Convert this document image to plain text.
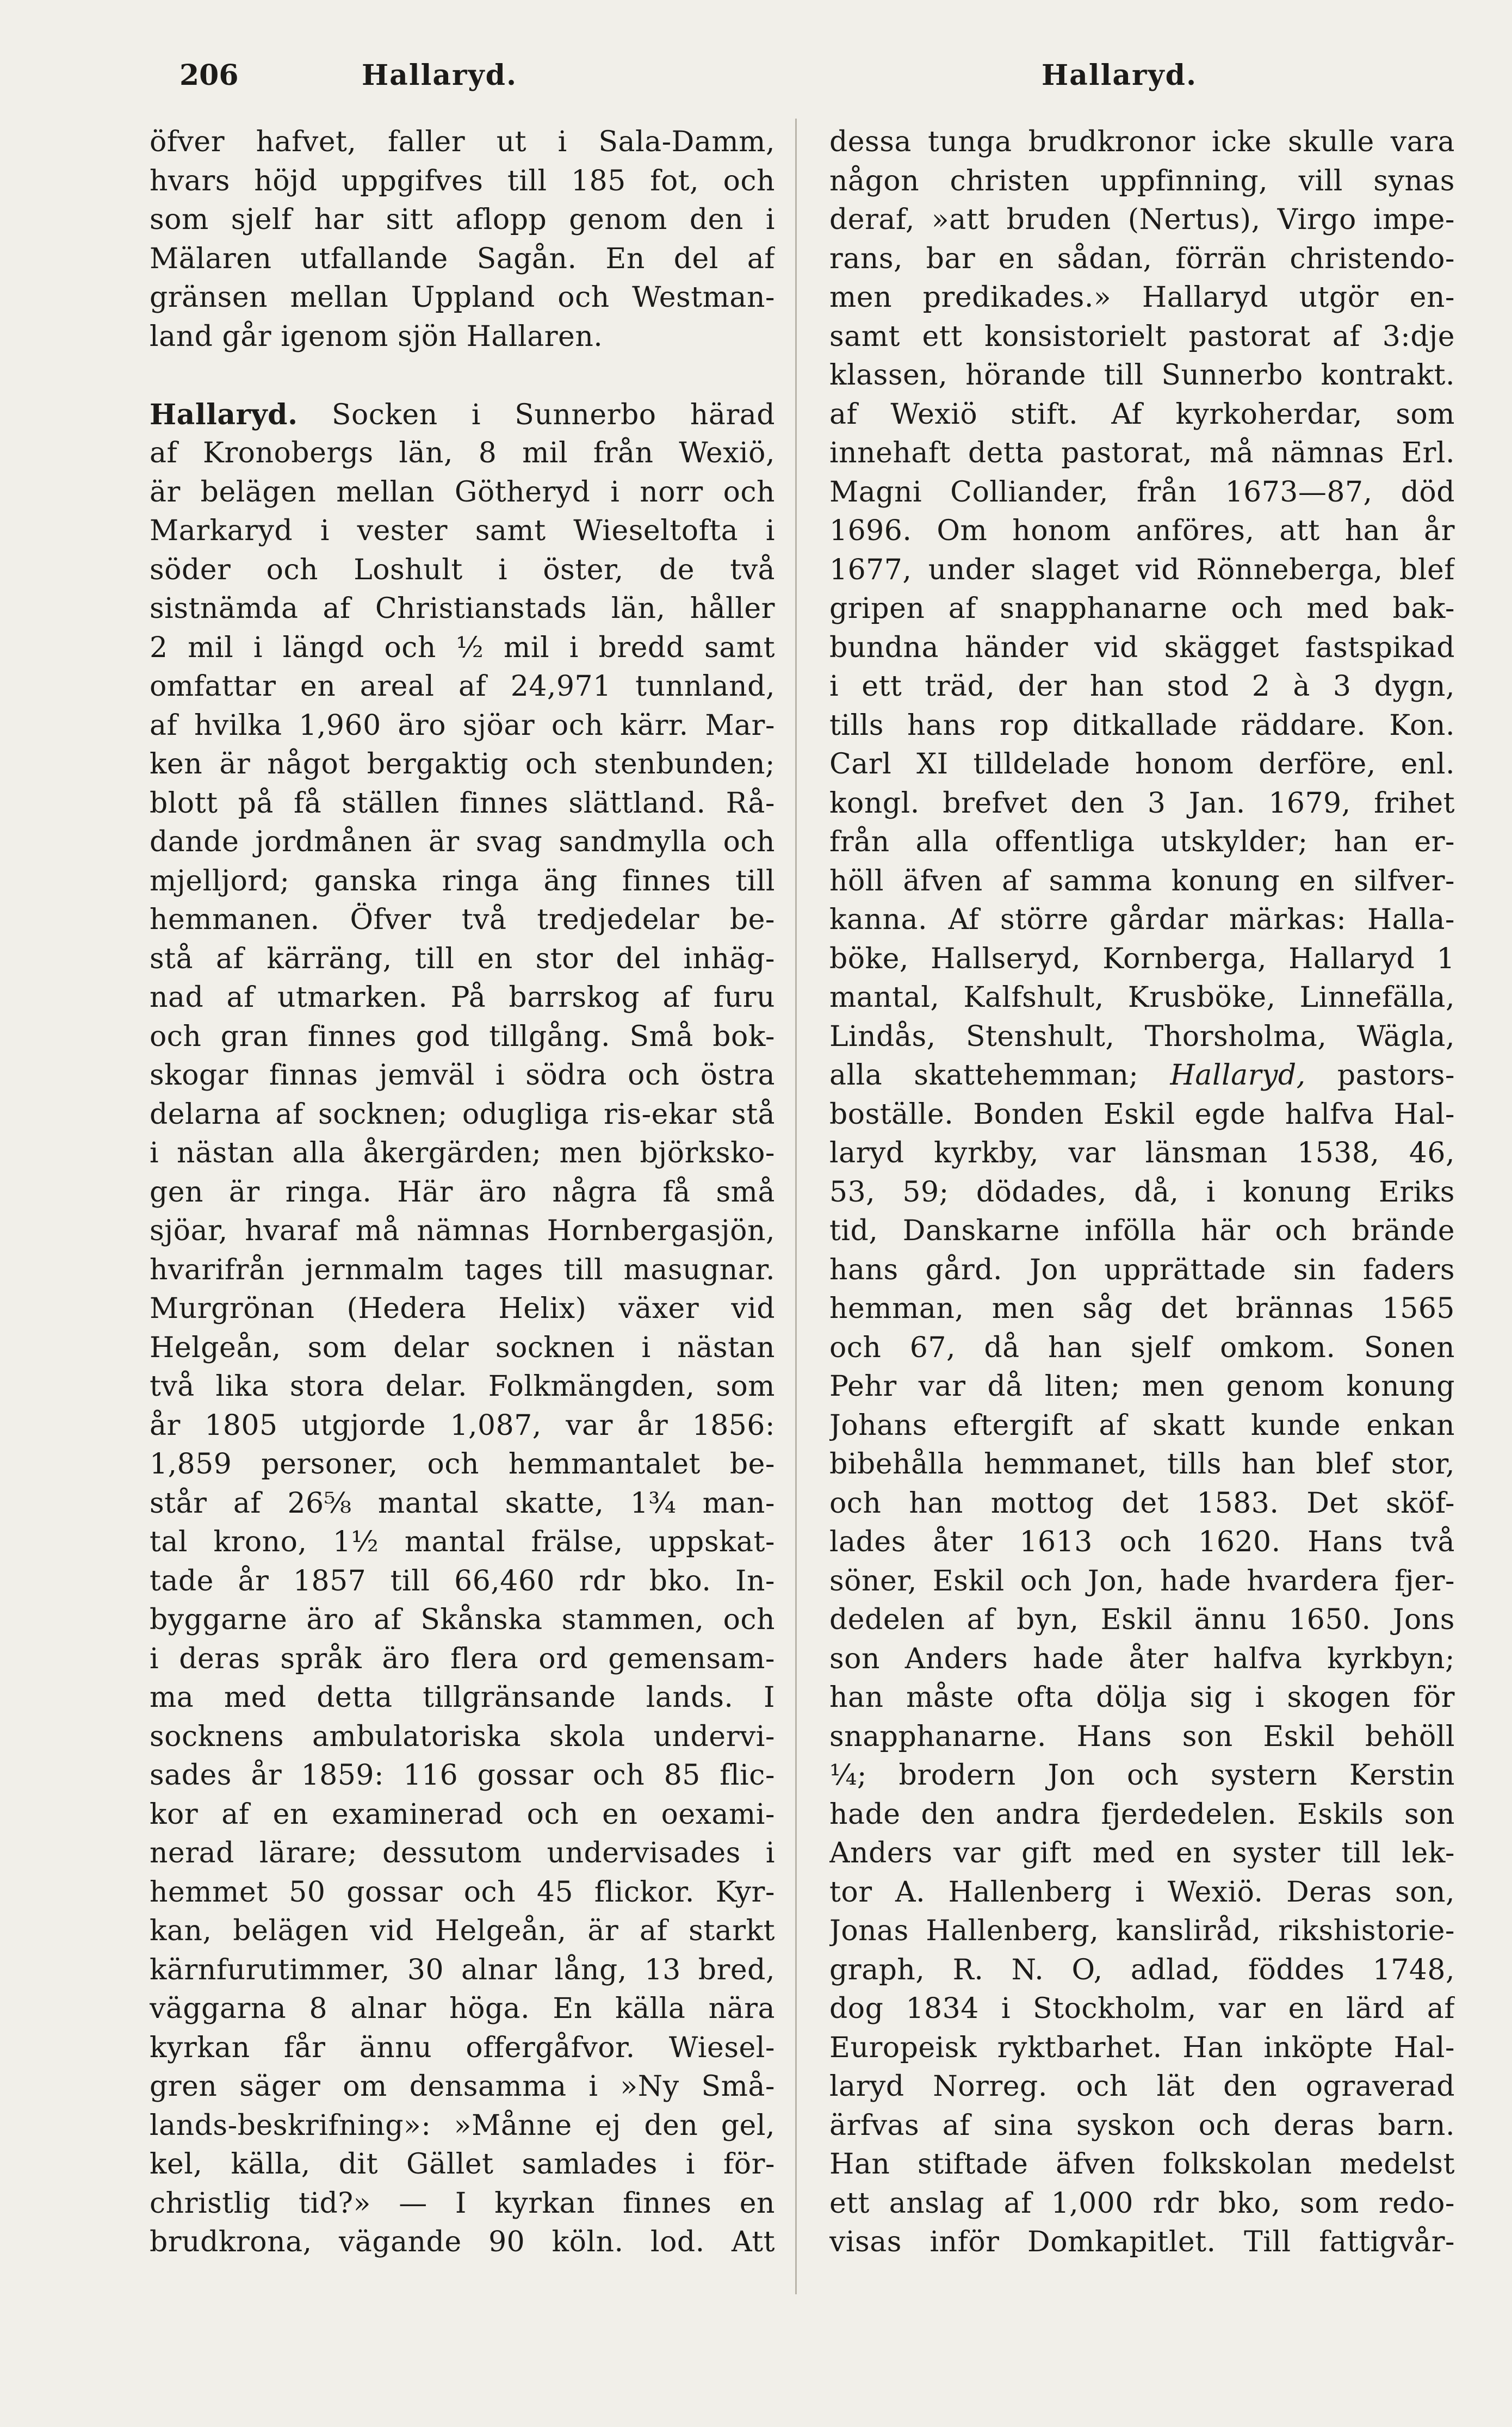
206	Hallaryd.	Hallaryd.
öfver hafvet, faller ut i Sala-Damm,
hvars höjd uppgifves till 185 fot, och
som sjelf har sitt aflopp genom den i
Mälaren utfallande Sagån. En del af
gränsen mellan Uppland och Westman-
land går igenom sjön Hallaren.
Hallaryd. Socken i Sunnerbo härad
af Kronobergs län, 8 mil från Wexiö,
är belägen mellan Götheryd i norr och
Markaryd i vester samt Wieseltofta i
söder och Loshult i öster, de två
sistnämda af Christianstads län, håller
2 mil i längd och ½ mil i bredd samt
omfattar en areal af 24,971 tunnland,
af hvilka 1,960 äro sjöar och kärr. Mar-
ken är något bergaktig och stenbunden;
blott på få ställen finnes slättland. Rå-
dande jordmånen är svag sandmylla och
mjelljord; ganska ringa äng finnes till
hemmanen. Öfver två tredjedelar be-
stå af kärräng, till en stor del inhäg-
nad af utmarken. På barrskog af furu
och gran finnes god tillgång. Små bok-
skogar finnas jemväl i södra och östra
delarna af socknen; odugliga ris-ekar stå
i nästan alla åkergärden; men björksko-
gen är ringa. Här äro några få små
sjöar, hvaraf må nämnas Hornbergasjön,
hvarifrån jernmalm tages till masugnar.
Murgrönan (Hedera Helix) växer vid
Helgeån, som delar socknen i nästan
två lika stora delar. Folkmängden, som
år 1805 utgjorde 1,087, var år 1856:
1,859 personer, och hemmantalet be-
står af 26⅝ mantal skatte, 1¾ man-
tal krono, 1½ mantal frälse, uppskat-
tade år 1857 till 66,460 rdr bko. In-
byggarne äro af Skånska stammen, och
i deras språk äro flera ord gemensam-
ma med detta tillgränsande lands. I
socknens ambulatoriska skola undervi-
sades år 1859: 116 gossar och 85 flic-
kor af en examinerad och en oexami-
nerad lärare; dessutom undervisades i
hemmet 50 gossar och 45 flickor. Kyr-
kan, belägen vid Helgeån, är af starkt
kärnfurutimmer, 30 alnar lång, 13 bred,
väggarna 8 alnar höga. En källa nära
kyrkan får ännu offergåfvor. Wiesel-
gren säger om densamma i »Ny Små-
lands-beskrifning»: »Månne ej den gel,
kel, källa, dit Gället samlades i för-
christlig tid?» — I kyrkan finnes en
brudkrona, vägande 90 köln. lod. Att
dessa tunga brudkronor icke skulle vara
någon christen uppfinning, vill synas
deraf, »att bruden (Nertus), Virgo impe-
rans, bar en sådan, förrän christendo-
men predikades.» Hallaryd utgör en-
samt ett konsistorielt pastorat af 3:dje
klassen, hörande till Sunnerbo kontrakt.
af Wexiö stift. Af kyrkoherdar, som
innehaft detta pastorat, må nämnas Erl.
Magni Colliander, från 1673—87, död
1696. Om honom anföres, att han år
1677, under slaget vid Rönneberga, blef
gripen af snapphanarne och med bak-
bundna händer vid skägget fastspikad
i ett träd, der han stod 2 à 3 dygn,
tills hans rop ditkallade räddare. Kon.
Carl XI tilldelade honom derföre, enl.
kongl. brefvet den 3 Jan. 1679, frihet
från alla offentliga utskylder; han er-
höll äfven af samma konung en silfver-
kanna. Af större gårdar märkas: Halla-
böke, Hallseryd, Kornberga, Hallaryd 1
mantal, Kalfshult, Krusböke, Linnefälla,
Lindås, Stenshult, Thorsholma, Wägla,
alla skattehemman; Hallaryd, pastors-
boställe. Bonden Eskil egde halfva Hal-
laryd kyrkby, var länsman 1538, 46,
53, 59; dödades, då, i konung Eriks
tid, Danskarne infölla här och brände
hans gård. Jon upprättade sin faders
hemman, men såg det brännas 1565
och 67, då han sjelf omkom. Sonen
Pehr var då liten; men genom konung
Johans eftergift af skatt kunde enkan
bibehålla hemmanet, tills han blef stor,
och han mottog det 1583. Det sköf-
lades åter 1613 och 1620. Hans två
söner, Eskil och Jon, hade hvardera fjer-
dedelen af byn, Eskil ännu 1650. Jons
son Anders hade åter halfva kyrkbyn;
han måste ofta dölja sig i skogen för
snapphanarne. Hans son Eskil behöll
¼; brodern Jon och systern Kerstin
hade den andra fjerdedelen. Eskils son
Anders var gift med en syster till lek-
tor A. Hallenberg i Wexiö. Deras son,
Jonas Hallenberg, kanslіråd, rikshistorie-
graph, R. N. O, adlad, föddes 1748,
dog 1834 i Stockholm, var en lärd af
Europeisk ryktbarhet. Han inköpte Hal-
laryd Norreg. och lät den ograverad
ärfvas af sina syskon och deras barn.
Han stiftade äfven folkskolan medelst
ett anslag af 1,000 rdr bko, som redo-
visas inför Domkapitlet. Till fattigvår-
